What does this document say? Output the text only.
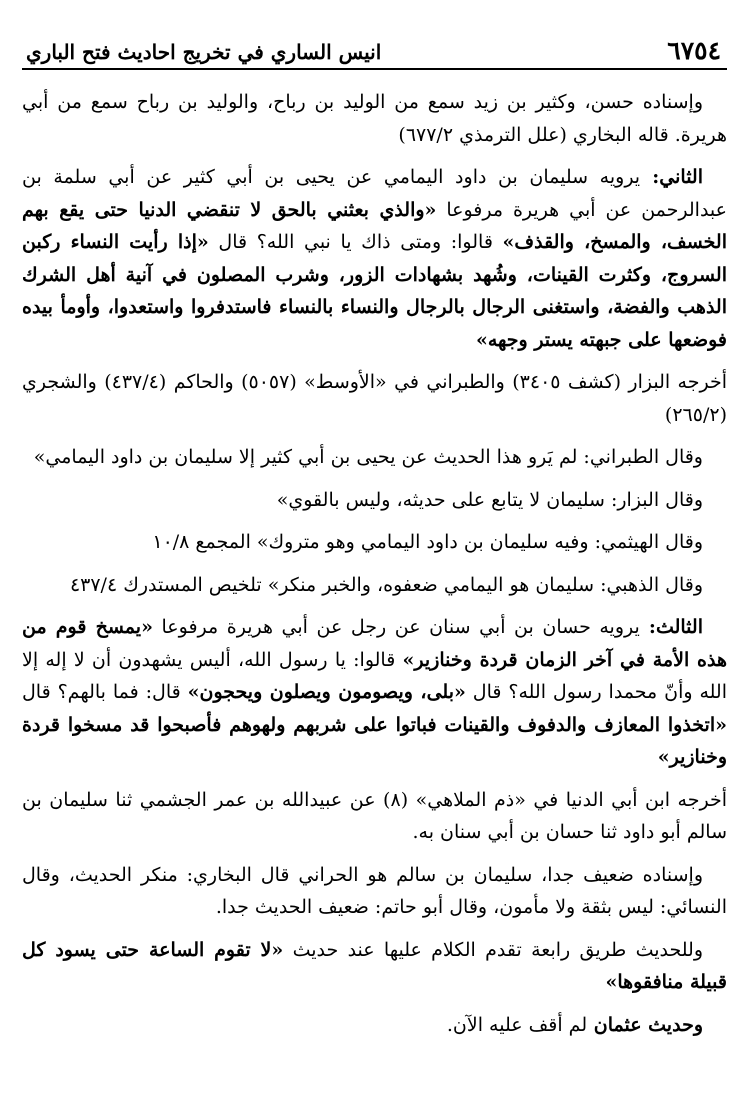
٦٧٥٤
انيس الساري في تخريج احاديث فتح الباري

وإسناده حسن، وكثير بن زيد سمع من الوليد بن رباح، والوليد بن رباح سمع من أبي هريرة. قاله البخاري (علل الترمذي ٦٧٧/٢)

الثاني: يرويه سليمان بن داود اليمامي عن يحيى بن أبي كثير عن أبي سلمة بن عبدالرحمن عن أبي هريرة مرفوعا «والذي بعثني بالحق لا تنقضي الدنيا حتى يقع بهم الخسف، والمسخ، والقذف» قالوا: ومتى ذاك يا نبي الله؟ قال «إذا رأيت النساء ركبن السروج، وكثرت القينات، وشُهد بشهادات الزور، وشرب المصلون في آنية أهل الشرك الذهب والفضة، واستغنى الرجال بالرجال والنساء بالنساء فاستدفروا واستعدوا، وأومأ بيده فوضعها على جبهته يستر وجهه»

أخرجه البزار (كشف ٣٤٠٥) والطبراني في «الأوسط» (٥٠٥٧) والحاكم (٤٣٧/٤) والشجري (٢٦٥/٢)

وقال الطبراني: لم يَرو هذا الحديث عن يحيى بن أبي كثير إلا سليمان بن داود اليمامي»

وقال البزار: سليمان لا يتابع على حديثه، وليس بالقوي»

وقال الهيثمي: وفيه سليمان بن داود اليمامي وهو متروك» المجمع ١٠/٨

وقال الذهبي: سليمان هو اليمامي ضعفوه، والخبر منكر» تلخيص المستدرك ٤٣٧/٤

الثالث: يرويه حسان بن أبي سنان عن رجل عن أبي هريرة مرفوعا «يمسخ قوم من هذه الأمة في آخر الزمان قردة وخنازير» قالوا: يا رسول الله، أليس يشهدون أن لا إله إلا الله وأنّ محمدا رسول الله؟ قال «بلى، ويصومون ويصلون ويحجون» قال: فما بالهم؟ قال «اتخذوا المعازف والدفوف والقينات فباتوا على شربهم ولهوهم فأصبحوا قد مسخوا قردة وخنازير»

أخرجه ابن أبي الدنيا في «ذم الملاهي» (٨) عن عبيدالله بن عمر الجشمي ثنا سليمان بن سالم أبو داود ثنا حسان بن أبي سنان به.

وإسناده ضعيف جدا، سليمان بن سالم هو الحراني قال البخاري: منكر الحديث، وقال النسائي: ليس بثقة ولا مأمون، وقال أبو حاتم: ضعيف الحديث جدا.

وللحديث طريق رابعة تقدم الكلام عليها عند حديث «لا تقوم الساعة حتى يسود كل قبيلة منافقوها»

وحديث عثمان لم أقف عليه الآن.
